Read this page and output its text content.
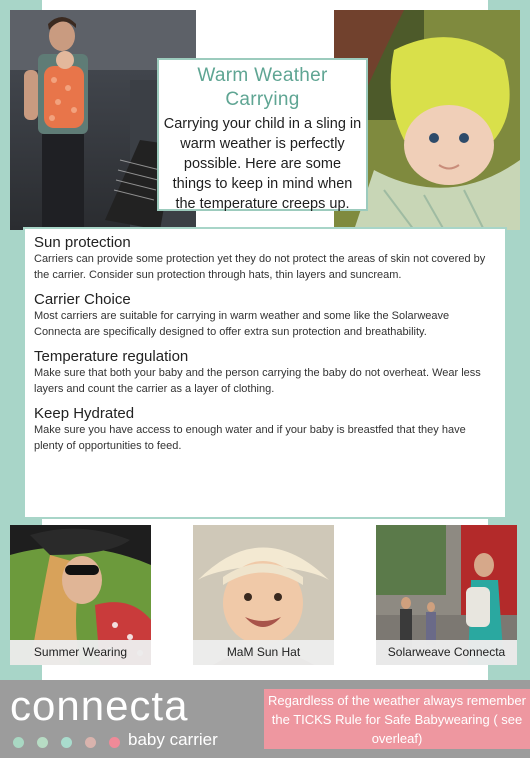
Warm Weather Carrying

Carrying your child in a sling in warm weather is perfectly possible. Here are some things to keep in mind when the temperature creeps up.

Sun protection

Carriers can provide some protection yet they do not protect the areas of skin not covered by the carrier. Consider sun protection through hats, thin layers and suncream.

Carrier Choice

Most carriers are suitable for carrying in warm weather and some like the Solarweave Connecta are specifically designed to offer extra sun protection and breathability.

Temperature regulation

Make sure that both your baby and the person carrying the baby do not overheat. Wear less layers and count the carrier as a layer of clothing.

Keep Hydrated

Make sure you have access to enough water and if your baby is breastfed that they have plenty of opportunities to feed.

Summer Wearing	MaM Sun Hat	Solarweave Connecta
connecta
baby carrier
Regardless of the weather always remember the TICKS Rule for Safe Babywearing ( see overleaf)
